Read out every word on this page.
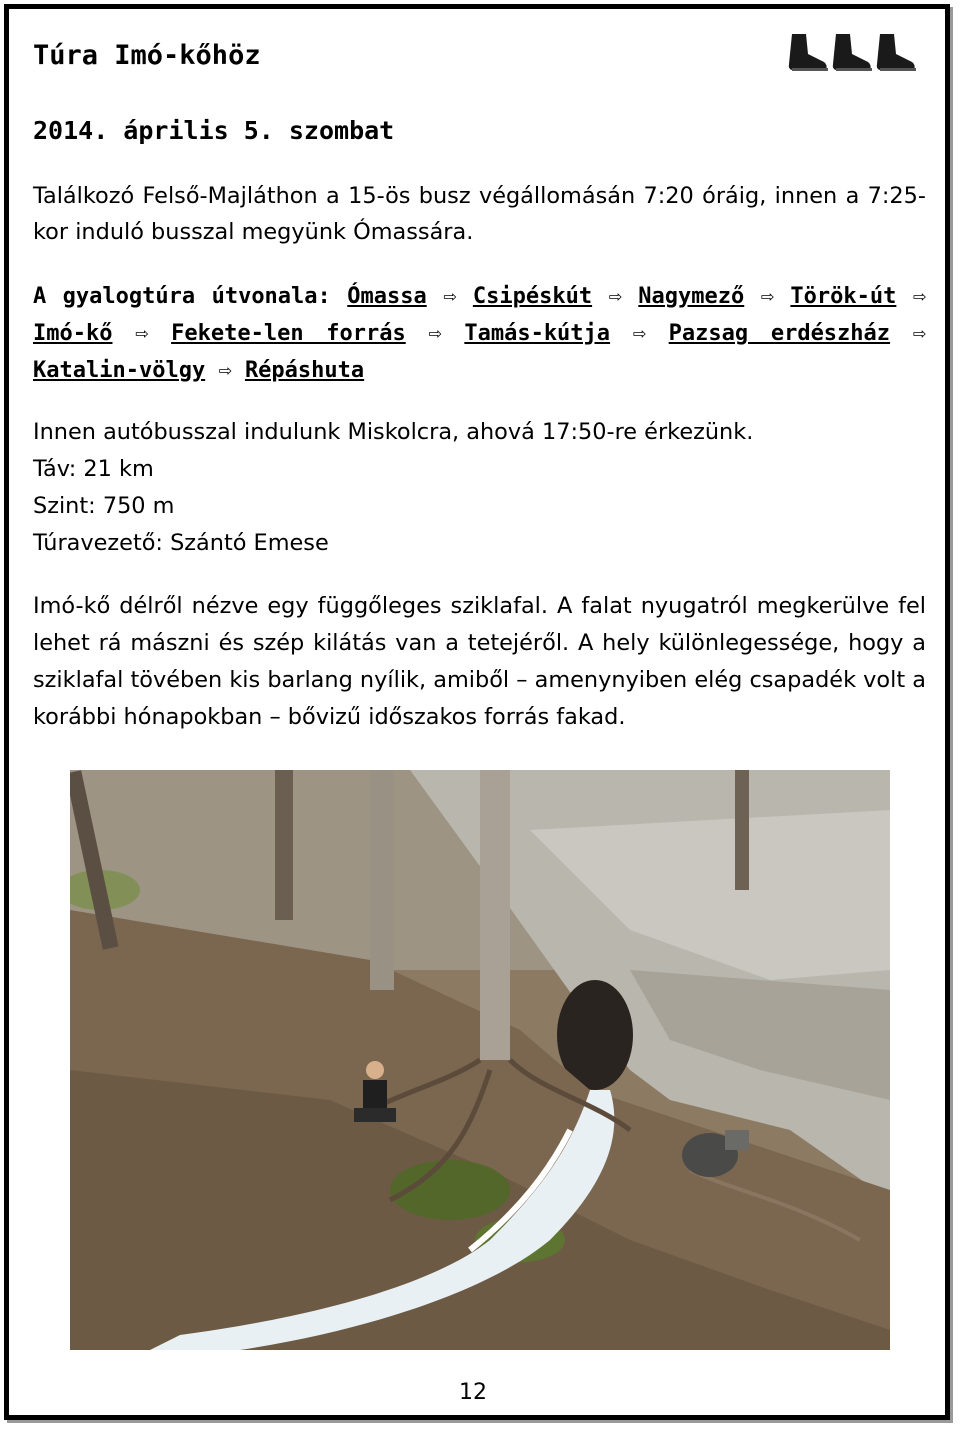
Túra Imó-kőhöz
2014. április 5. szombat

Találkozó Felső-Majláthon a 15-ös busz végállomásán 7:20 óráig, innen a 7:25-kor induló busszal megyünk Ómassára.

A gyalogtúra útvonala: Ómassa ⇨ Csipéskút ⇨ Nagymező ⇨ Török-út ⇨ Imó-kő ⇨ Fekete-len forrás ⇨ Tamás-kútja ⇨ Pazsag erdészház ⇨ Katalin-völgy ⇨ Répáshuta

Innen autóbusszal indulunk Miskolcra, ahová 17:50-re érkezünk.
Táv: 21 km
Szint: 750 m
Túravezető: Szántó Emese

Imó-kő délről nézve egy függőleges sziklafal. A falat nyugatról megkerülve fel lehet rá mászni és szép kilátás van a tetejéről. A hely különlegessége, hogy a sziklafal tövében kis barlang nyílik, amiből – amenynyiben elég csapadék volt a korábbi hónapokban – bővizű időszakos forrás fakad.

12
